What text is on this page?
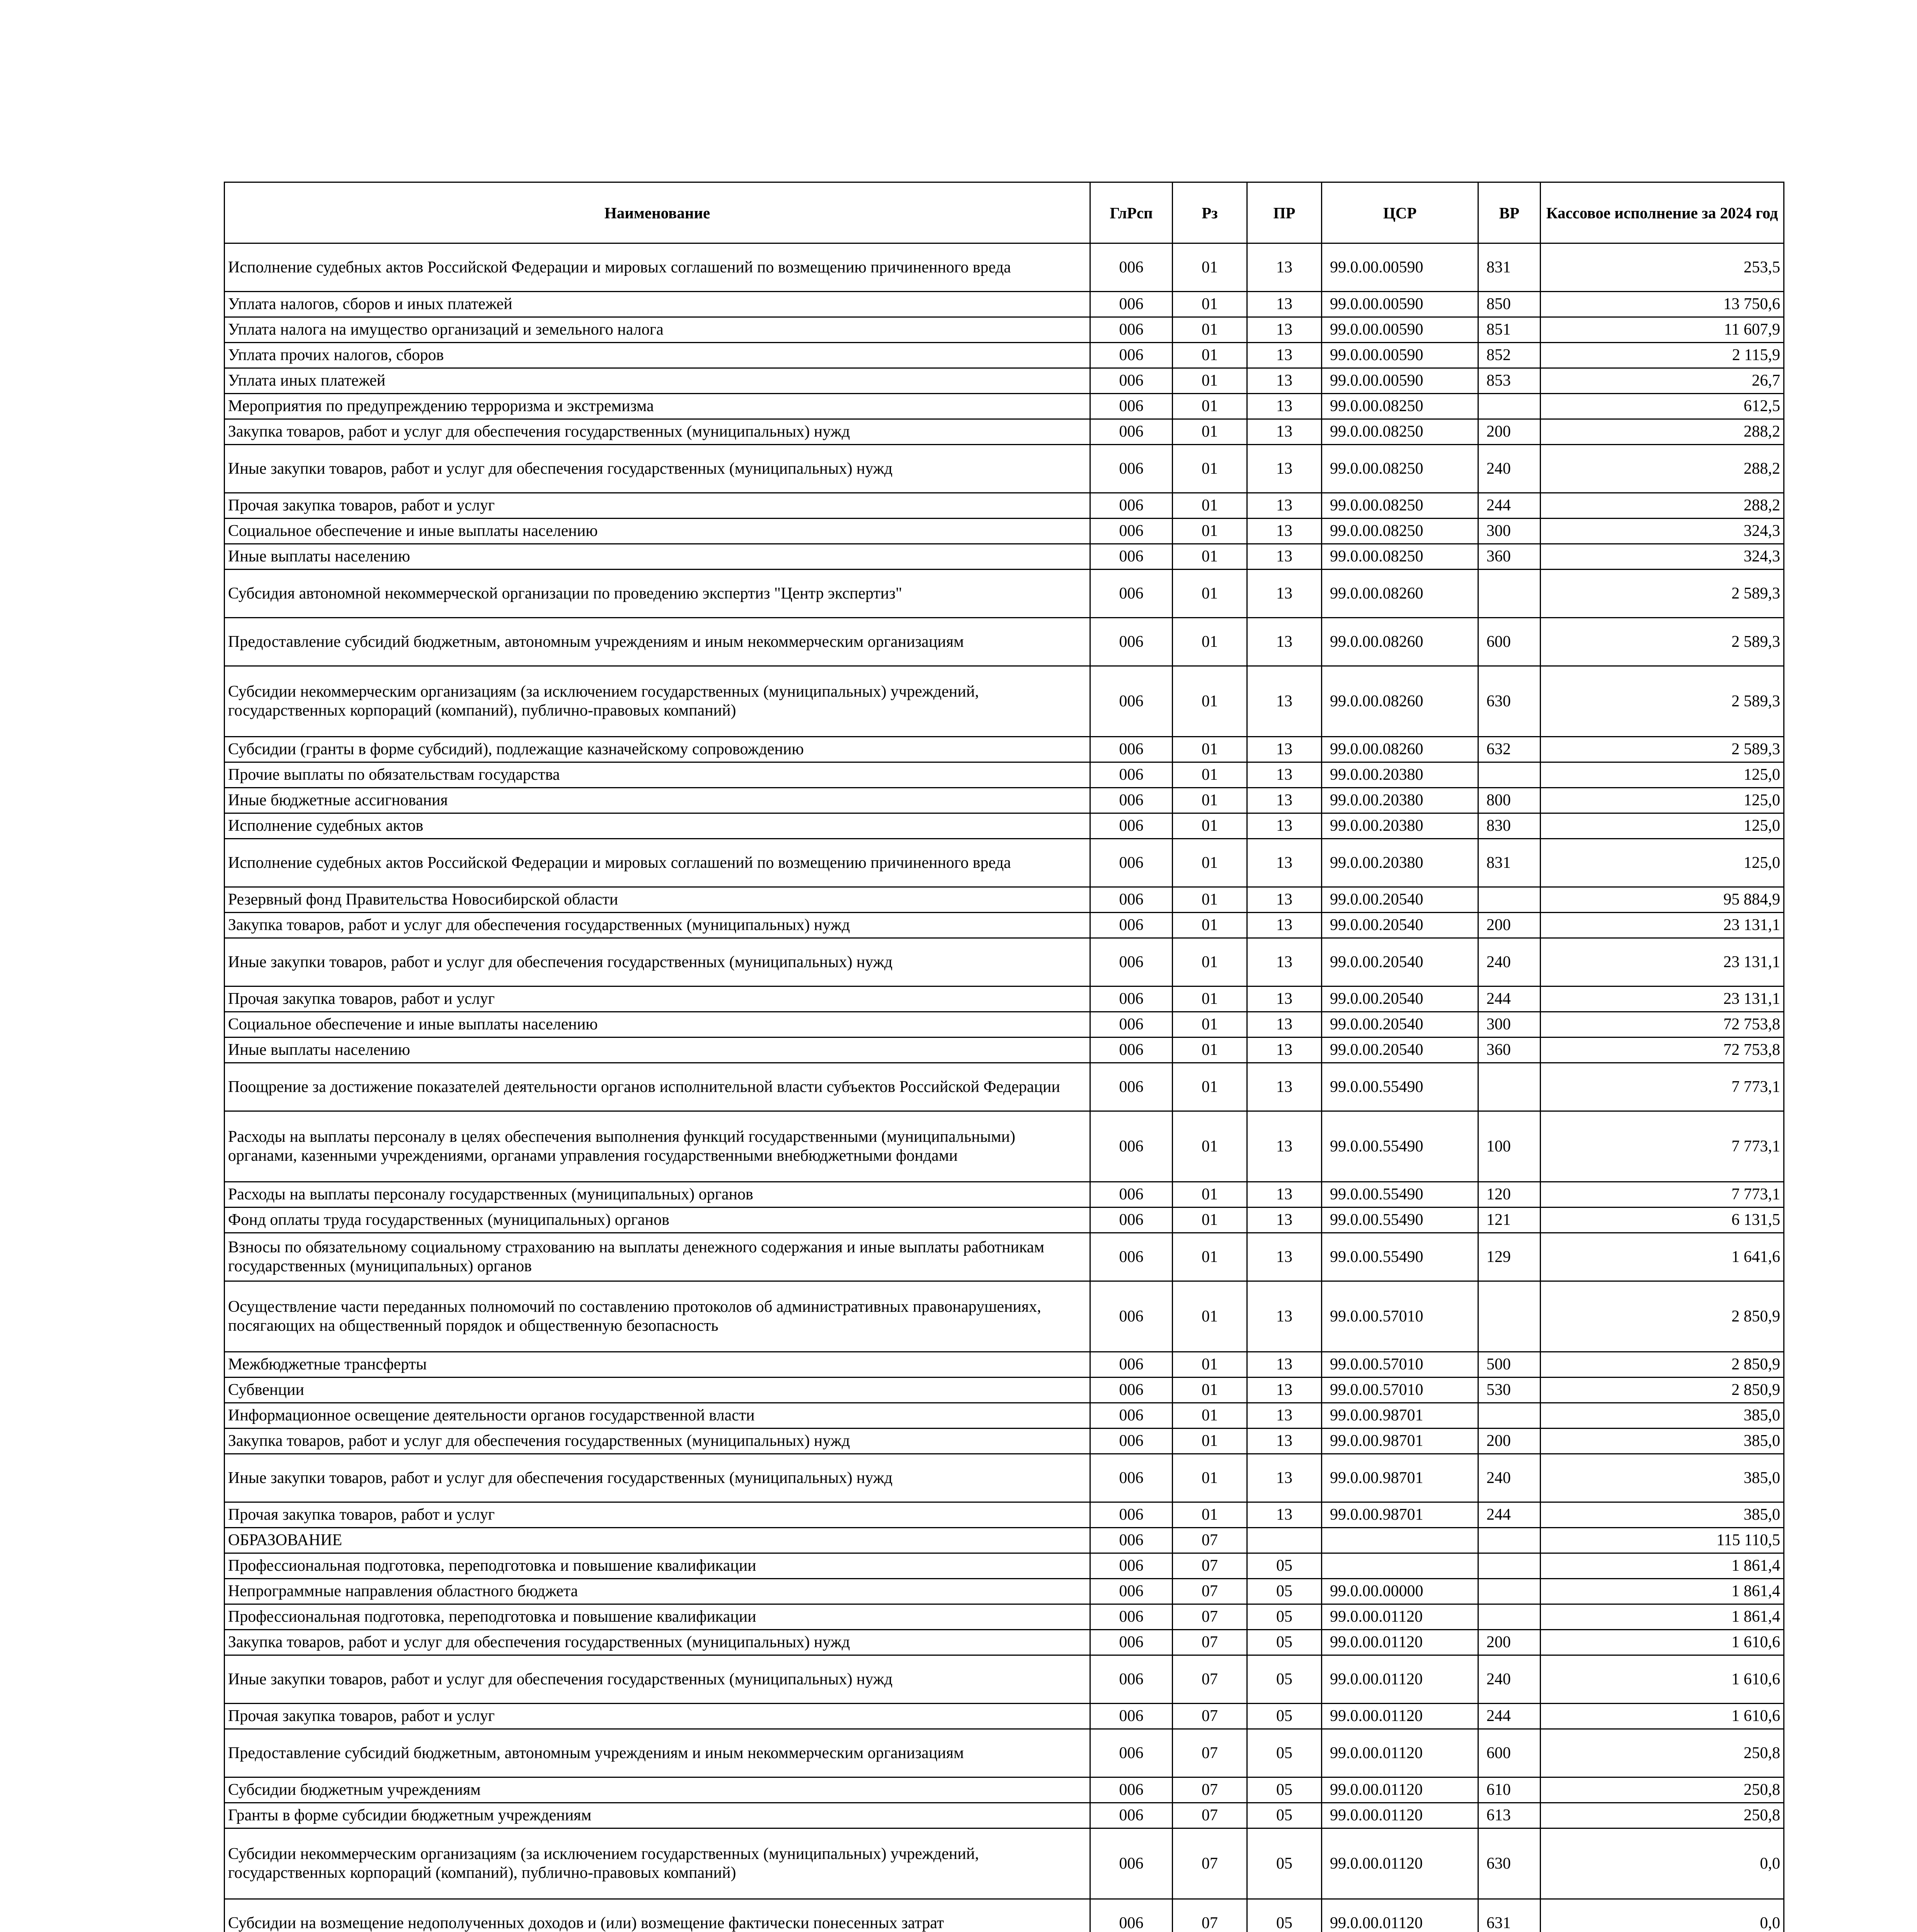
Наименование	ГлРсп	Рз	ПР	ЦСР	ВР	Кассовое исполнение за 2024 год
Исполнение судебных актов Российской Федерации и мировых соглашений по возмещению причиненного вреда	006	01	13	99.0.00.00590	831	253,5
Уплата налогов, сборов и иных платежей	006	01	13	99.0.00.00590	850	13 750,6
Уплата налога на имущество организаций и земельного налога	006	01	13	99.0.00.00590	851	11 607,9
Уплата прочих налогов, сборов	006	01	13	99.0.00.00590	852	2 115,9
Уплата иных платежей	006	01	13	99.0.00.00590	853	26,7
Мероприятия по предупреждению терроризма и экстремизма	006	01	13	99.0.00.08250		612,5
Закупка товаров, работ и услуг для обеспечения государственных (муниципальных) нужд	006	01	13	99.0.00.08250	200	288,2
Иные закупки товаров, работ и услуг для обеспечения государственных (муниципальных) нужд	006	01	13	99.0.00.08250	240	288,2
Прочая закупка товаров, работ и услуг	006	01	13	99.0.00.08250	244	288,2
Социальное обеспечение и иные выплаты населению	006	01	13	99.0.00.08250	300	324,3
Иные выплаты населению	006	01	13	99.0.00.08250	360	324,3
Субсидия автономной некоммерческой организации по проведению экспертиз "Центр экспертиз"	006	01	13	99.0.00.08260		2 589,3
Предоставление субсидий бюджетным, автономным учреждениям и иным некоммерческим организациям	006	01	13	99.0.00.08260	600	2 589,3
Субсидии некоммерческим организациям (за исключением государственных (муниципальных) учреждений, государственных корпораций (компаний), публично-правовых компаний)	006	01	13	99.0.00.08260	630	2 589,3
Субсидии (гранты в форме субсидий), подлежащие казначейскому сопровождению	006	01	13	99.0.00.08260	632	2 589,3
Прочие выплаты по обязательствам государства	006	01	13	99.0.00.20380		125,0
Иные бюджетные ассигнования	006	01	13	99.0.00.20380	800	125,0
Исполнение судебных актов	006	01	13	99.0.00.20380	830	125,0
Исполнение судебных актов Российской Федерации и мировых соглашений по возмещению причиненного вреда	006	01	13	99.0.00.20380	831	125,0
Резервный фонд Правительства Новосибирской области	006	01	13	99.0.00.20540		95 884,9
Закупка товаров, работ и услуг для обеспечения государственных (муниципальных) нужд	006	01	13	99.0.00.20540	200	23 131,1
Иные закупки товаров, работ и услуг для обеспечения государственных (муниципальных) нужд	006	01	13	99.0.00.20540	240	23 131,1
Прочая закупка товаров, работ и услуг	006	01	13	99.0.00.20540	244	23 131,1
Социальное обеспечение и иные выплаты населению	006	01	13	99.0.00.20540	300	72 753,8
Иные выплаты населению	006	01	13	99.0.00.20540	360	72 753,8
Поощрение за достижение показателей деятельности органов исполнительной власти субъектов Российской Федерации	006	01	13	99.0.00.55490		7 773,1
Расходы на выплаты персоналу в целях обеспечения выполнения функций государственными (муниципальными) органами, казенными учреждениями, органами управления государственными внебюджетными фондами	006	01	13	99.0.00.55490	100	7 773,1
Расходы на выплаты персоналу государственных (муниципальных) органов	006	01	13	99.0.00.55490	120	7 773,1
Фонд оплаты труда государственных (муниципальных) органов	006	01	13	99.0.00.55490	121	6 131,5
Взносы по обязательному социальному страхованию на выплаты денежного содержания и иные выплаты работникам государственных (муниципальных) органов	006	01	13	99.0.00.55490	129	1 641,6
Осуществление части переданных полномочий по составлению протоколов об административных правонарушениях, посягающих на общественный порядок и общественную безопасность	006	01	13	99.0.00.57010		2 850,9
Межбюджетные трансферты	006	01	13	99.0.00.57010	500	2 850,9
Субвенции	006	01	13	99.0.00.57010	530	2 850,9
Информационное освещение деятельности органов государственной власти	006	01	13	99.0.00.98701		385,0
Закупка товаров, работ и услуг для обеспечения государственных (муниципальных) нужд	006	01	13	99.0.00.98701	200	385,0
Иные закупки товаров, работ и услуг для обеспечения государственных (муниципальных) нужд	006	01	13	99.0.00.98701	240	385,0
Прочая закупка товаров, работ и услуг	006	01	13	99.0.00.98701	244	385,0
ОБРАЗОВАНИЕ	006	07				115 110,5
Профессиональная подготовка, переподготовка и повышение квалификации	006	07	05			1 861,4
Непрограммные направления областного бюджета	006	07	05	99.0.00.00000		1 861,4
Профессиональная подготовка, переподготовка и повышение квалификации	006	07	05	99.0.00.01120		1 861,4
Закупка товаров, работ и услуг для обеспечения государственных (муниципальных) нужд	006	07	05	99.0.00.01120	200	1 610,6
Иные закупки товаров, работ и услуг для обеспечения государственных (муниципальных) нужд	006	07	05	99.0.00.01120	240	1 610,6
Прочая закупка товаров, работ и услуг	006	07	05	99.0.00.01120	244	1 610,6
Предоставление субсидий бюджетным, автономным учреждениям и иным некоммерческим организациям	006	07	05	99.0.00.01120	600	250,8
Субсидии бюджетным учреждениям	006	07	05	99.0.00.01120	610	250,8
Гранты в форме субсидии бюджетным учреждениям	006	07	05	99.0.00.01120	613	250,8
Субсидии некоммерческим организациям (за исключением государственных (муниципальных) учреждений, государственных корпораций (компаний), публично-правовых компаний)	006	07	05	99.0.00.01120	630	0,0
Субсидии на возмещение недополученных доходов и (или) возмещение фактически понесенных затрат	006	07	05	99.0.00.01120	631	0,0
